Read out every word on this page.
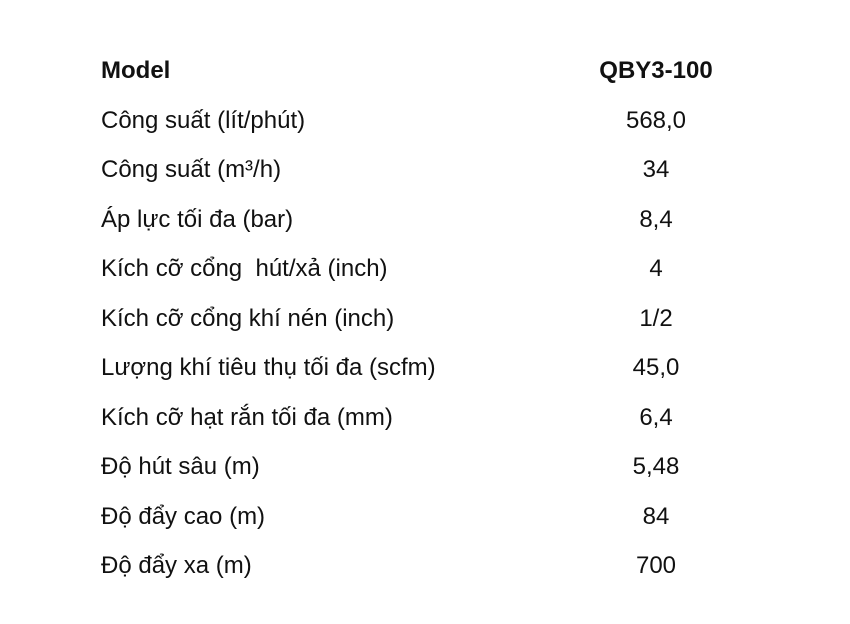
Model	QBY3-100
Công suất (lít/phút)	568,0
Công suất (m³/h)	34
Áp lực tối đa (bar)	8,4
Kích cỡ cổng  hút/xả (inch)	4
Kích cỡ cổng khí nén (inch)	1/2
Lượng khí tiêu thụ tối đa (scfm)	45,0
Kích cỡ hạt rắn tối đa (mm)	6,4
Độ hút sâu (m)	5,48
Độ đẩy cao (m)	84
Độ đẩy xa (m)	700
